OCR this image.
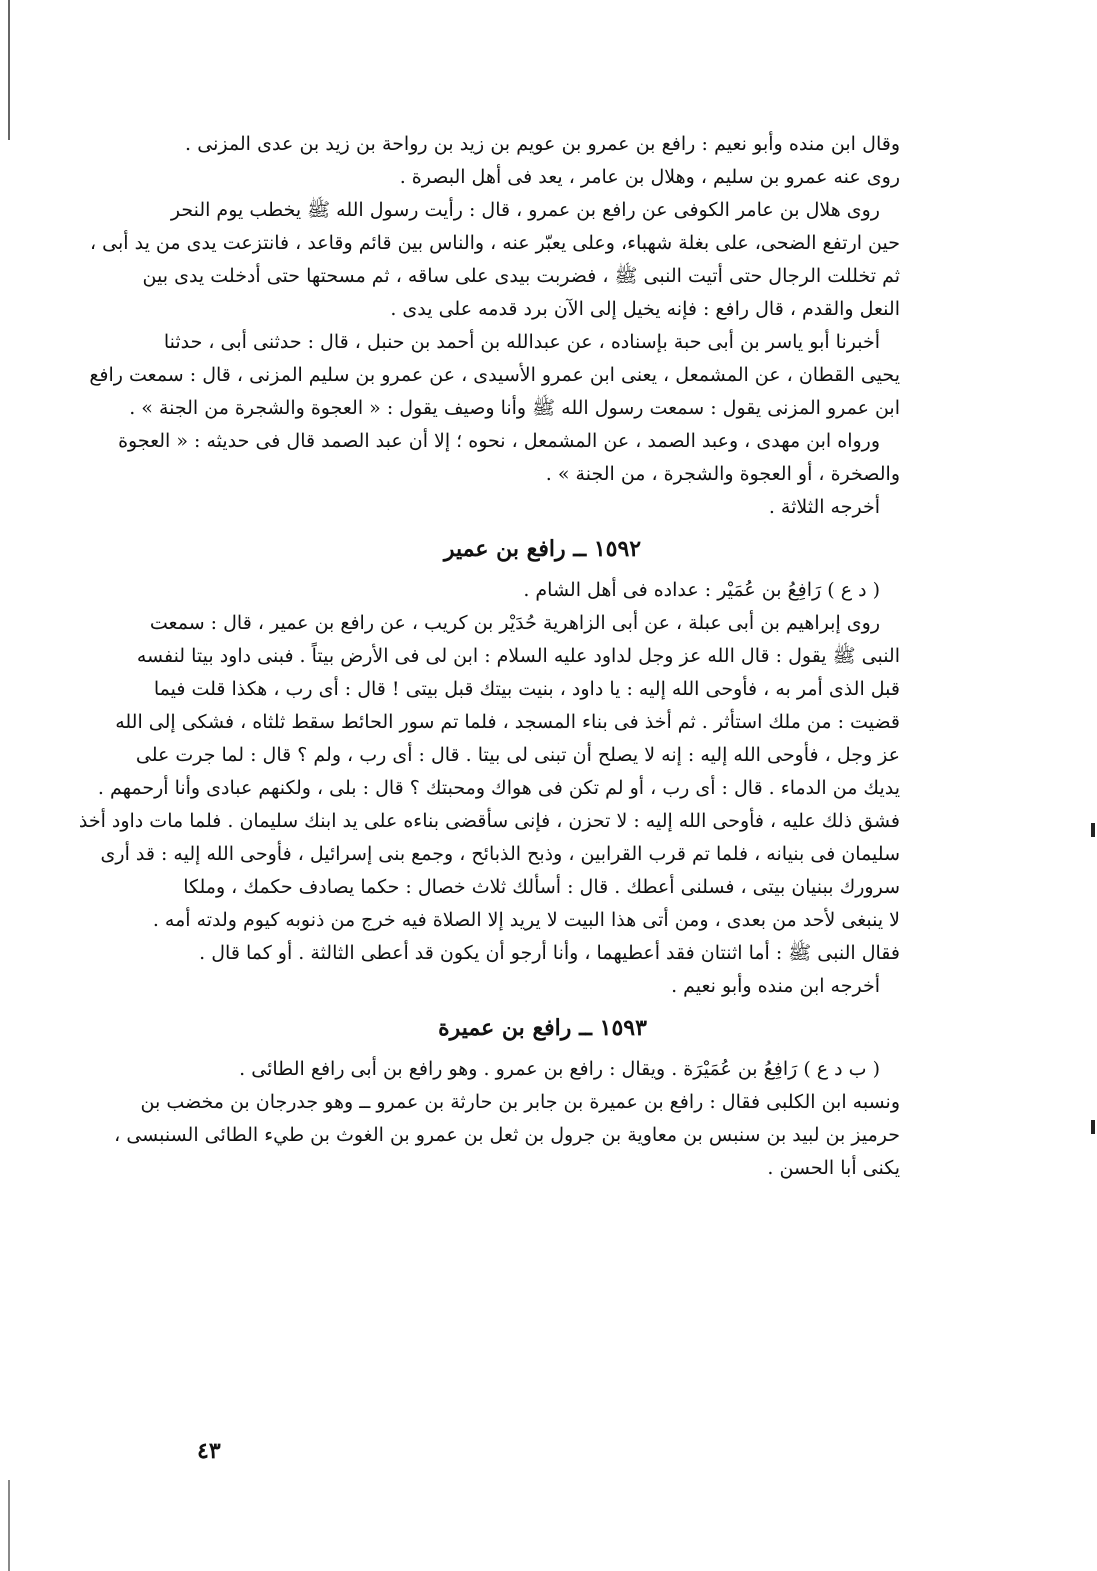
وقال ابن منده وأبو نعيم : رافع بن عمرو بن عويم بن زيد بن رواحة بن زيد بن عدى المزنى .
روى عنه عمرو بن سليم ، وهلال بن عامر ، يعد فى أهل البصرة .
روى هلال بن عامر الكوفى عن رافع بن عمرو ، قال : رأيت رسول الله ﷺ يخطب يوم النحر
حين ارتفع الضحى، على بغلة شهباء، وعلى يعبّر عنه ، والناس بين قائم وقاعد ، فانتزعت يدى من يد أبى ،
ثم تخللت الرجال حتى أتيت النبى ﷺ ، فضربت بيدى على ساقه ، ثم مسحتها حتى أدخلت يدى بين
النعل والقدم ، قال رافع : فإنه يخيل إلى الآن برد قدمه على يدى .
أخبرنا أبو ياسر بن أبى حبة بإسناده ، عن عبدالله بن أحمد بن حنبل ، قال : حدثنى أبى ، حدثنا
يحيى القطان ، عن المشمعل ، يعنى ابن عمرو الأسيدى ، عن عمرو بن سليم المزنى ، قال : سمعت رافع
ابن عمرو المزنى يقول : سمعت رسول الله ﷺ وأنا وصيف يقول : « العجوة والشجرة من الجنة » .
ورواه ابن مهدى ، وعبد الصمد ، عن المشمعل ، نحوه ؛ إلا أن عبد الصمد قال فى حديثه : « العجوة
والصخرة ، أو العجوة والشجرة ، من الجنة » .
أخرجه الثلاثة .
١٥٩٢ ــ رافع بن عمير
( د ع ) رَافِعُ بن عُمَيْر : عداده فى أهل الشام .
روى إبراهيم بن أبى عبلة ، عن أبى الزاهرية حُدَيْر بن كريب ، عن رافع بن عمير ، قال : سمعت
النبى ﷺ يقول : قال الله عز وجل لداود عليه السلام : ابن لى فى الأرض بيتاً . فبنى داود بيتا لنفسه
قبل الذى أمر به ، فأوحى الله إليه : يا داود ، بنيت بيتك قبل بيتى ! قال : أى رب ، هكذا قلت فيما
قضيت : من ملك استأثر . ثم أخذ فى بناء المسجد ، فلما تم سور الحائط سقط ثلثاه ، فشكى إلى الله
عز وجل ، فأوحى الله إليه : إنه لا يصلح أن تبنى لى بيتا . قال : أى رب ، ولم ؟ قال : لما جرت على
يديك من الدماء . قال : أى رب ، أو لم تكن فى هواك ومحبتك ؟ قال : بلى ، ولكنهم عبادى وأنا أرحمهم .
فشق ذلك عليه ، فأوحى الله إليه : لا تحزن ، فإنى سأقضى بناءه على يد ابنك سليمان . فلما مات داود أخذ
سليمان فى بنيانه ، فلما تم قرب القرابين ، وذبح الذبائح ، وجمع بنى إسرائيل ، فأوحى الله إليه : قد أرى
سرورك ببنيان بيتى ، فسلنى أعطك . قال : أسألك ثلاث خصال : حكما يصادف حكمك ، وملكا
لا ينبغى لأحد من بعدى ، ومن أتى هذا البيت لا يريد إلا الصلاة فيه خرج من ذنوبه كيوم ولدته أمه .
فقال النبى ﷺ : أما اثنتان فقد أعطيهما ، وأنا أرجو أن يكون قد أعطى الثالثة . أو كما قال .
أخرجه ابن منده وأبو نعيم .
١٥٩٣ ــ رافع بن عميرة
( ب د ع ) رَافِعُ بن عُمَيْرَة . ويقال : رافع بن عمرو . وهو رافع بن أبى رافع الطائى .
ونسبه ابن الكلبى فقال : رافع بن عميرة بن جابر بن حارثة بن عمرو ــ وهو جدرجان بن مخضب بن
حرميز بن لبيد بن سنبس بن معاوية بن جرول بن ثعل بن عمرو بن الغوث بن طيء الطائى السنبسى ،
يكنى أبا الحسن .
٤٣
